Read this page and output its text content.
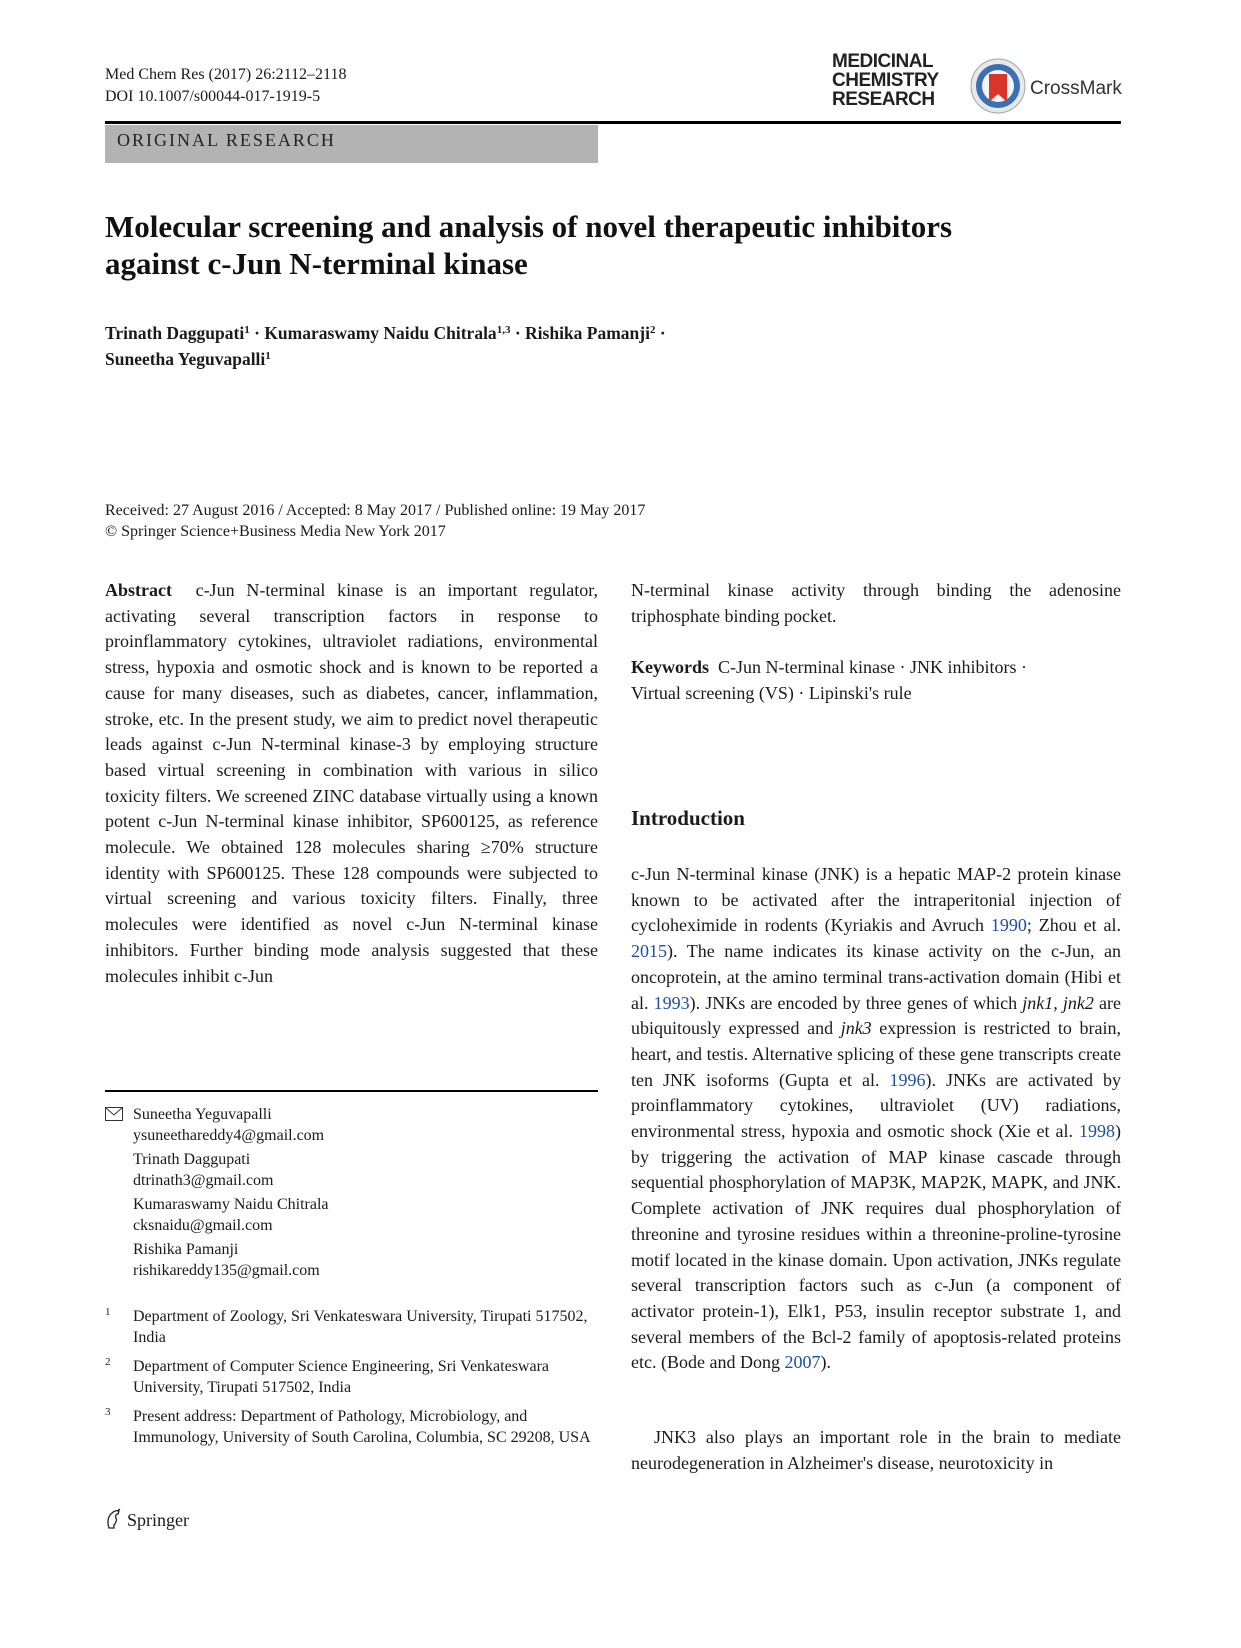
Med Chem Res (2017) 26:2112–2118
DOI 10.1007/s00044-017-1919-5
MEDICINAL
CHEMISTRY
RESEARCH
CrossMark
ORIGINAL RESEARCH
Molecular screening and analysis of novel therapeutic inhibitors
against c-Jun N-terminal kinase
Trinath Daggupati$^1$ · Kumaraswamy Naidu Chitrala$^{1,3}$ · Rishika Pamanji$^2$ ·
Suneetha Yeguvapalli$^1$
Received: 27 August 2016 / Accepted: 8 May 2017 / Published online: 19 May 2017
© Springer Science+Business Media New York 2017
Abstract c-Jun N-terminal kinase is an important regulator, activating several transcription factors in response to proinflammatory cytokines, ultraviolet radiations, environmental stress, hypoxia and osmotic shock and is known to be reported a cause for many diseases, such as diabetes, cancer, inflammation, stroke, etc. In the present study, we aim to predict novel therapeutic leads against c-Jun N-terminal kinase-3 by employing structure based virtual screening in combination with various in silico toxicity filters. We screened ZINC database virtually using a known potent c-Jun N-terminal kinase inhibitor, SP600125, as reference molecule. We obtained 128 molecules sharing ≥70% structure identity with SP600125. These 128 compounds were subjected to virtual screening and various toxicity filters. Finally, three molecules were identified as novel c-Jun N-terminal kinase inhibitors. Further binding mode analysis suggested that these molecules inhibit c-Jun
N-terminal kinase activity through binding the adenosine triphosphate binding pocket.
Keywords C-Jun N-terminal kinase · JNK inhibitors ·
Virtual screening (VS) · Lipinski's rule
Introduction
c-Jun N-terminal kinase (JNK) is a hepatic MAP-2 protein kinase known to be activated after the intraperitonial injection of cycloheximide in rodents (Kyriakis and Avruch 1990; Zhou et al. 2015). The name indicates its kinase activity on the c-Jun, an oncoprotein, at the amino terminal trans-activation domain (Hibi et al. 1993). JNKs are encoded by three genes of which jnk1, jnk2 are ubiquitously expressed and jnk3 expression is restricted to brain, heart, and testis. Alternative splicing of these gene transcripts create ten JNK isoforms (Gupta et al. 1996). JNKs are activated by proinflammatory cytokines, ultraviolet (UV) radiations, environmental stress, hypoxia and osmotic shock (Xie et al. 1998) by triggering the activation of MAP kinase cascade through sequential phosphorylation of MAP3K, MAP2K, MAPK, and JNK. Complete activation of JNK requires dual phosphorylation of threonine and tyrosine residues within a threonine-proline-tyrosine motif located in the kinase domain. Upon activation, JNKs regulate several transcription factors such as c-Jun (a component of activator protein-1), Elk1, P53, insulin receptor substrate 1, and several members of the Bcl-2 family of apoptosis-related proteins etc. (Bode and Dong 2007).
JNK3 also plays an important role in the brain to mediate neurodegeneration in Alzheimer's disease, neurotoxicity in
Suneetha Yeguvapalli
ysuneethareddy4@gmail.com
Trinath Daggupati
dtrinath3@gmail.com
Kumaraswamy Naidu Chitrala
cksnaidu@gmail.com
Rishika Pamanji
rishikareddy135@gmail.com
1 Department of Zoology, Sri Venkateswara University, Tirupati 517502, India
2 Department of Computer Science Engineering, Sri Venkateswara University, Tirupati 517502, India
3 Present address: Department of Pathology, Microbiology, and Immunology, University of South Carolina, Columbia, SC 29208, USA
Springer
